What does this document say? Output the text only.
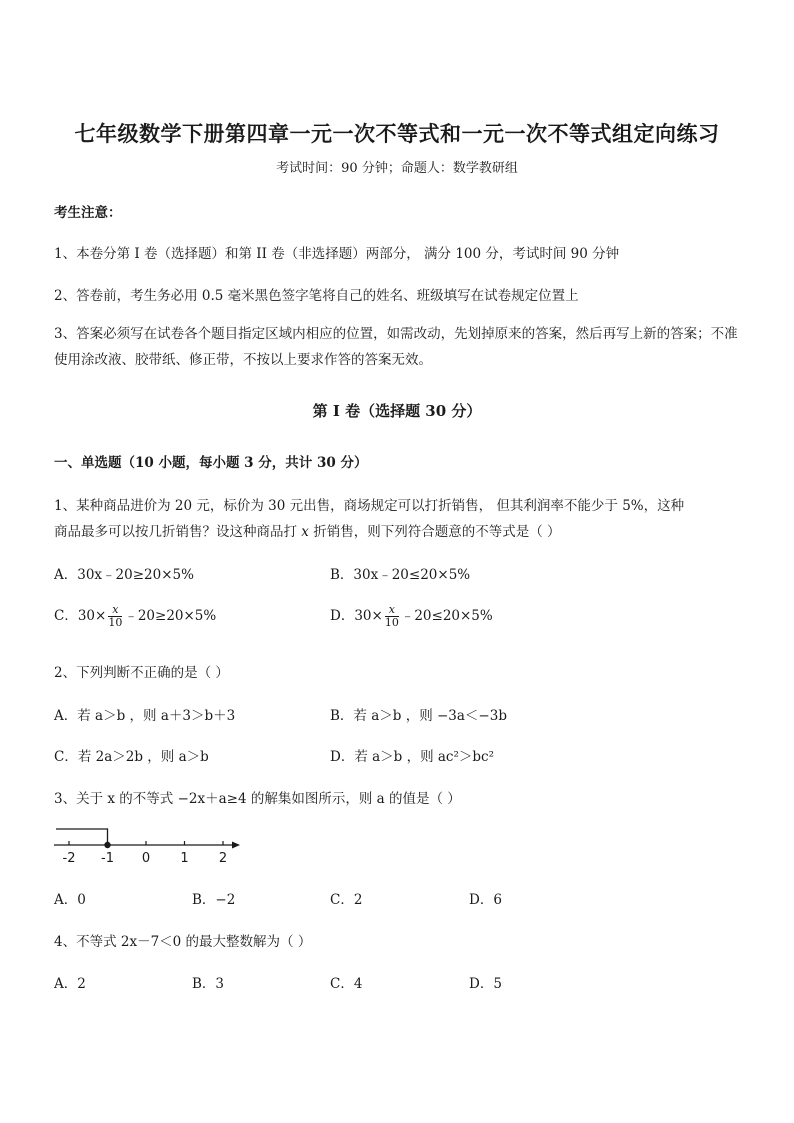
七年级数学下册第四章一元一次不等式和一元一次不等式组定向练习
考试时间：90 分钟；命题人：数学教研组
考生注意：
1、本卷分第 I 卷（选择题）和第 II 卷（非选择题）两部分， 满分 100 分，考试时间 90 分钟
2、答卷前，考生务必用 0.5 毫米黑色签字笔将自己的姓名、班级填写在试卷规定位置上
3、答案必须写在试卷各个题目指定区域内相应的位置，如需改动，先划掉原来的答案，然后再写上新的答案；不准使用涂改液、胶带纸、修正带，不按以上要求作答的答案无效。
第 I 卷（选择题 30 分）
一、单选题（10 小题，每小题 3 分，共计 30 分）
1、某种商品进价为 20 元，标价为 30 元出售，商场规定可以打折销售， 但其利润率不能少于 5%，这种
商品最多可以按几折销售？设这种商品打 x 折销售，则下列符合题意的不等式是（ ）
A．30x﹣20≥20×5%	B．30x﹣20≤20×5%
C．$30\times \frac{x}{10}$ ﹣20≥20×5%	D．$30\times \frac{x}{10}$ ﹣20≤20×5%
2、下列判断不正确的是（ ）
A．若 a＞b ，则 a＋3＞b＋3	B．若 a＞b ，则 −3a＜−3b
C．若 2a＞2b ，则 a＞b	D．若 a＞b ，则 ac²＞bc²
3、关于 x 的不等式 −2x＋a≥4 的解集如图所示，则 a 的值是（ ）
-2 -1 0 1 2
A．0	B．−2	C．2	D．6
4、不等式 2x－7＜0 的最大整数解为（ ）
A．2	B．3	C．4	D．5
